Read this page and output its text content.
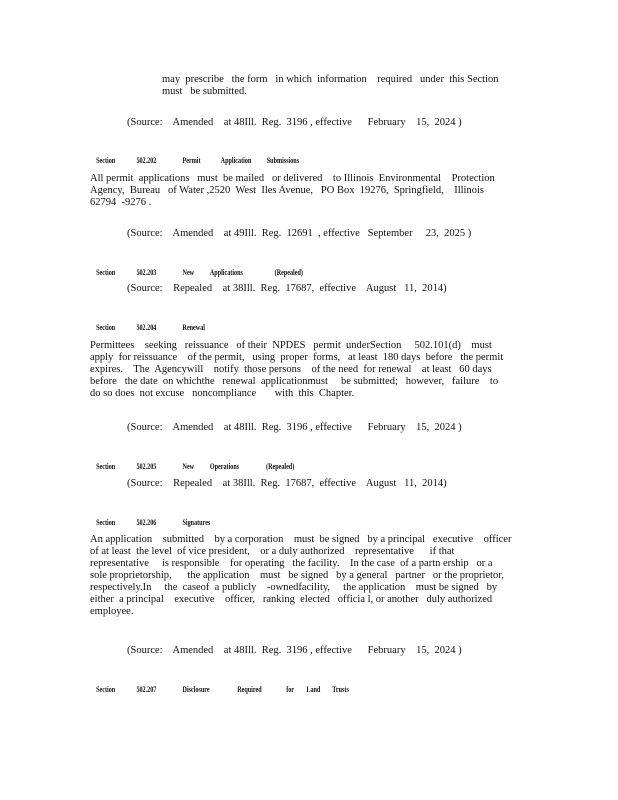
may  prescribe   the form   in which  information    required   under  this Section
must   be submitted.

(Source:    Amended    at 48Ill.  Reg.  3196 , effective      February    15,  2024 )

Section	502.202	Permit Application Submissions

All permit  applications   must  be mailed   or delivered    to Illinois  Environmental    Protection
Agency,  Bureau   of Water ,2520  West  Iles Avenue,   PO Box  19276,  Springfield,    Illinois
62794  -9276 .

(Source:    Amended    at 49Ill.  Reg.  12691  , effective   September     23,  2025 )

Section	502.203	New Applications	(Repealed)

(Source:    Repealed    at 38Ill.  Reg.  17687,  effective    August   11,  2014)

Section	502.204	Renewal

Permittees    seeking   reissuance   of their  NPDES   permit  underSection     502.101(d)    must
apply  for reissuance    of the permit,   using  proper  forms,   at least  180 days  before   the permit
expires.    The  Agencywill    notify  those persons    of the need  for renewal    at least   60 days
before   the date  on whichthe   renewal  applicationmust     be submitted;   however,   failure    to
do so does  not excuse   noncompliance       with  this  Chapter.

(Source:    Amended    at 48Ill.  Reg.  3196 , effective      February    15,  2024 )

Section	502.205	New Operations	(Repealed)

(Source:    Repealed    at 38Ill.  Reg.  17687,  effective    August   11,  2014)

Section	502.206	Signatures

An application    submitted    by a corporation    must  be signed   by a principal   executive    officer
of at least  the level  of vice president,    or a duly authorized    representative      if that
representative     is responsible    for operating   the facility.    In the case  of a partn ership   or a
sole proprietorship,      the application    must   be signed   by a general   partner   or the proprietor,
respectively.In     the  caseof  a publicly    -ownedfacility,     the application    must be signed   by
either  a principal    executive    officer,   ranking  elected   officia l, or another   duly authorized
employee.

(Source:    Amended    at 48Ill.  Reg.  3196 , effective      February    15,  2024 )

Section	502.207	Disclosure	Required	for Land Trusts
